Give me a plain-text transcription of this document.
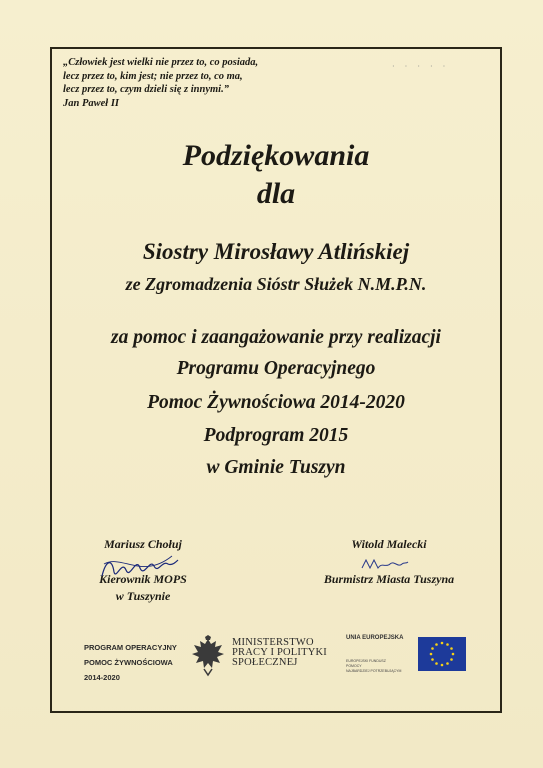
„Człowiek jest wielki nie przez to, co posiada,
lecz przez to, kim jest; nie przez to, co ma,
lecz przez to, czym dzieli się z innymi.”
Jan Paweł II
· · · · ·
Podziękowania
dla
Siostry Mirosławy Atlińskiej
ze Zgromadzenia Sióstr Służek N.M.P.N.
za pomoc i zaangażowanie przy realizacji
Programu Operacyjnego
Pomoc Żywnościowa 2014-2020
Podprogram 2015
w Gminie Tuszyn
Mariusz Chołuj
Kierownik MOPS
w Tuszynie
Witold Malecki
Burmistrz Miasta Tuszyna
PROGRAM OPERACYJNY
POMOC ŻYWNOŚCIOWA
2014-2020
MINISTERSTWO
PRACY I POLITYKI
SPOŁECZNEJ
UNIA EUROPEJSKA
EUROPEJSKI FUNDUSZ POMOCY
NAJBARDZIEJ POTRZEBUJĄCYM
